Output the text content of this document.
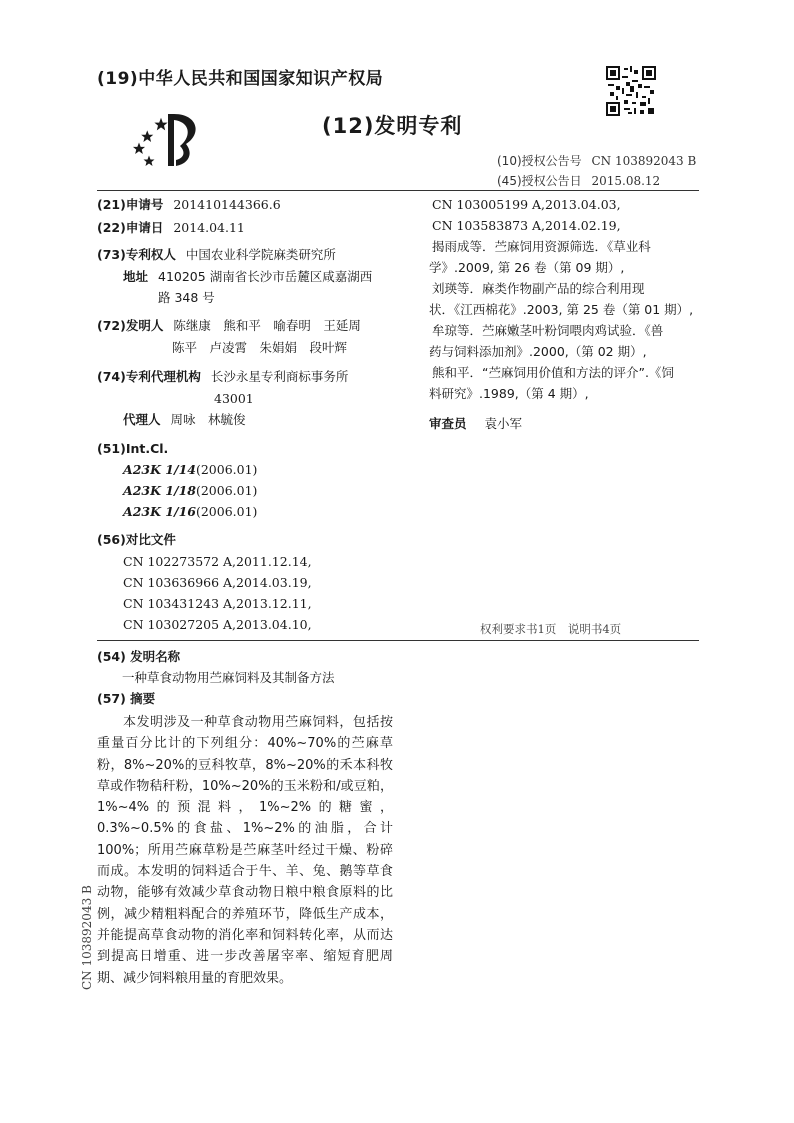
(19)中华人民共和国国家知识产权局
(12)发明专利
(10)授权公告号 CN 103892043 B
(45)授权公告日 2015.08.12
(21)申请号 201410144366.6
(22)申请日 2014.04.11
(73)专利权人 中国农业科学院麻类研究所
地址 410205 湖南省长沙市岳麓区咸嘉湖西
路 348 号
(72)发明人 陈继康　熊和平　喻春明　王延周
陈平　卢凌霄　朱娟娟　段叶辉
(74)专利代理机构 长沙永星专利商标事务所
43001
代理人 周咏　林毓俊
(51)Int.Cl.
A23K 1/14(2006.01)
A23K 1/18(2006.01)
A23K 1/16(2006.01)
(56)对比文件
CN 102273572 A,2011.12.14,
CN 103636966 A,2014.03.19,
CN 103431243 A,2013.12.11,
CN 103027205 A,2013.04.10,
CN 103005199 A,2013.04.03,
CN 103583873 A,2014.02.19,
揭雨成等．苎麻饲用资源筛选．《草业科
学》.2009, 第 26 卷（第 09 期）,
刘瑛等．麻类作物副产品的综合利用现
状．《江西棉花》.2003, 第 25 卷（第 01 期）,
牟琼等．苎麻嫩茎叶粉饲喂肉鸡试验．《兽
药与饲料添加剂》.2000,（第 02 期）,
熊和平．“苎麻饲用价值和方法的评介”.《饲
料研究》.1989,（第 4 期）,
审查员 袁小军
权利要求书1页　说明书4页
(54) 发明名称
一种草食动物用苎麻饲料及其制备方法
(57) 摘要

本发明涉及一种草食动物用苎麻饲料，包括按重量百分比计的下列组分：40%~70%的苎麻草粉，8%~20%的豆科牧草，8%~20%的禾本科牧草或作物秸秆粉，10%~20%的玉米粉和/或豆粕，1%~4%的预混料，1%~2%的糖蜜，0.3%~0.5%的食盐、1%~2%的油脂，合计100%；所用苎麻草粉是苎麻茎叶经过干燥、粉碎而成。本发明的饲料适合于牛、羊、兔、鹅等草食动物，能够有效减少草食动物日粮中粮食原料的比例，减少精粗料配合的养殖环节，降低生产成本，并能提高草食动物的消化率和饲料转化率，从而达到提高日增重、进一步改善屠宰率、缩短育肥周期、减少饲料粮用量的育肥效果。

CN 103892043 B
